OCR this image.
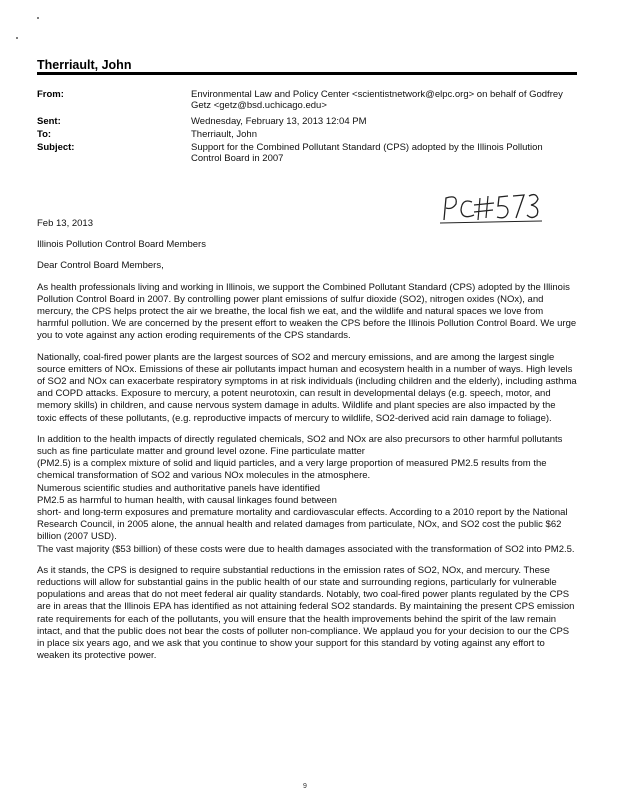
Therriault, John
From:	Environmental Law and Policy Center <scientistnetwork@elpc.org> on behalf of Godfrey Getz <getz@bsd.uchicago.edu>
Sent:	Wednesday, February 13, 2013 12:04 PM
To:	Therriault, John
Subject:	Support for the Combined Pollutant Standard (CPS) adopted by the Illinois Pollution Control Board in 2007

Feb 13, 2013

Illinois Pollution Control Board Members

Dear Control Board Members,

As health professionals living and working in Illinois, we support the Combined Pollutant Standard (CPS) adopted by the Illinois Pollution Control Board in 2007. By controlling power plant emissions of sulfur dioxide (SO2), nitrogen oxides (NOx), and mercury, the CPS helps protect the air we breathe, the local fish we eat, and the wildlife and natural spaces we love from harmful pollution. We are concerned by the present effort to weaken the CPS before the Illinois Pollution Control Board. We urge you to vote against any action eroding requirements of the CPS standards.

Nationally, coal-fired power plants are the largest sources of SO2 and mercury emissions, and are among the largest single source emitters of NOx. Emissions of these air pollutants impact human and ecosystem health in a number of ways. High levels of SO2 and NOx can exacerbate respiratory symptoms in at risk individuals (including children and the elderly), including asthma and COPD attacks. Exposure to mercury, a potent neurotoxin, can result in developmental delays (e.g. speech, motor, and memory skills) in children, and cause nervous system damage in adults. Wildlife and plant species are also impacted by the toxic effects of these pollutants, (e.g. reproductive impacts of mercury to wildlife, SO2-derived acid rain damage to foliage).

In addition to the health impacts of directly regulated chemicals, SO2 and NOx are also precursors to other harmful pollutants such as fine particulate matter and ground level ozone. Fine particulate matter

(PM2.5) is a complex mixture of solid and liquid particles, and a very large proportion of measured PM2.5 results from the chemical transformation of SO2 and various NOx molecules in the atmosphere.

Numerous scientific studies and authoritative panels have identified

PM2.5 as harmful to human health, with causal linkages found between

short- and long-term exposures and premature mortality and cardiovascular effects. According to a 2010 report by the National Research Council, in 2005 alone, the annual health and related damages from particulate, NOx, and SO2 cost the public $62 billion (2007 USD).

The vast majority ($53 billion) of these costs were due to health damages associated with the transformation of SO2 into PM2.5.

As it stands, the CPS is designed to require substantial reductions in the emission rates of SO2, NOx, and mercury. These reductions will allow for substantial gains in the public health of our state and surrounding regions, particularly for vulnerable populations and areas that do not meet federal air quality standards. Notably, two coal-fired power plants regulated by the CPS are in areas that the Illinois EPA has identified as not attaining federal SO2 standards. By maintaining the present CPS emission rate requirements for each of the pollutants, you will ensure that the health improvements behind the spirit of the law remain intact, and that the public does not bear the costs of polluter non-compliance. We applaud you for your decision to our the CPS in place six years ago, and we ask that you continue to show your support for this standard by voting against any effort to weaken its protective power.

9
